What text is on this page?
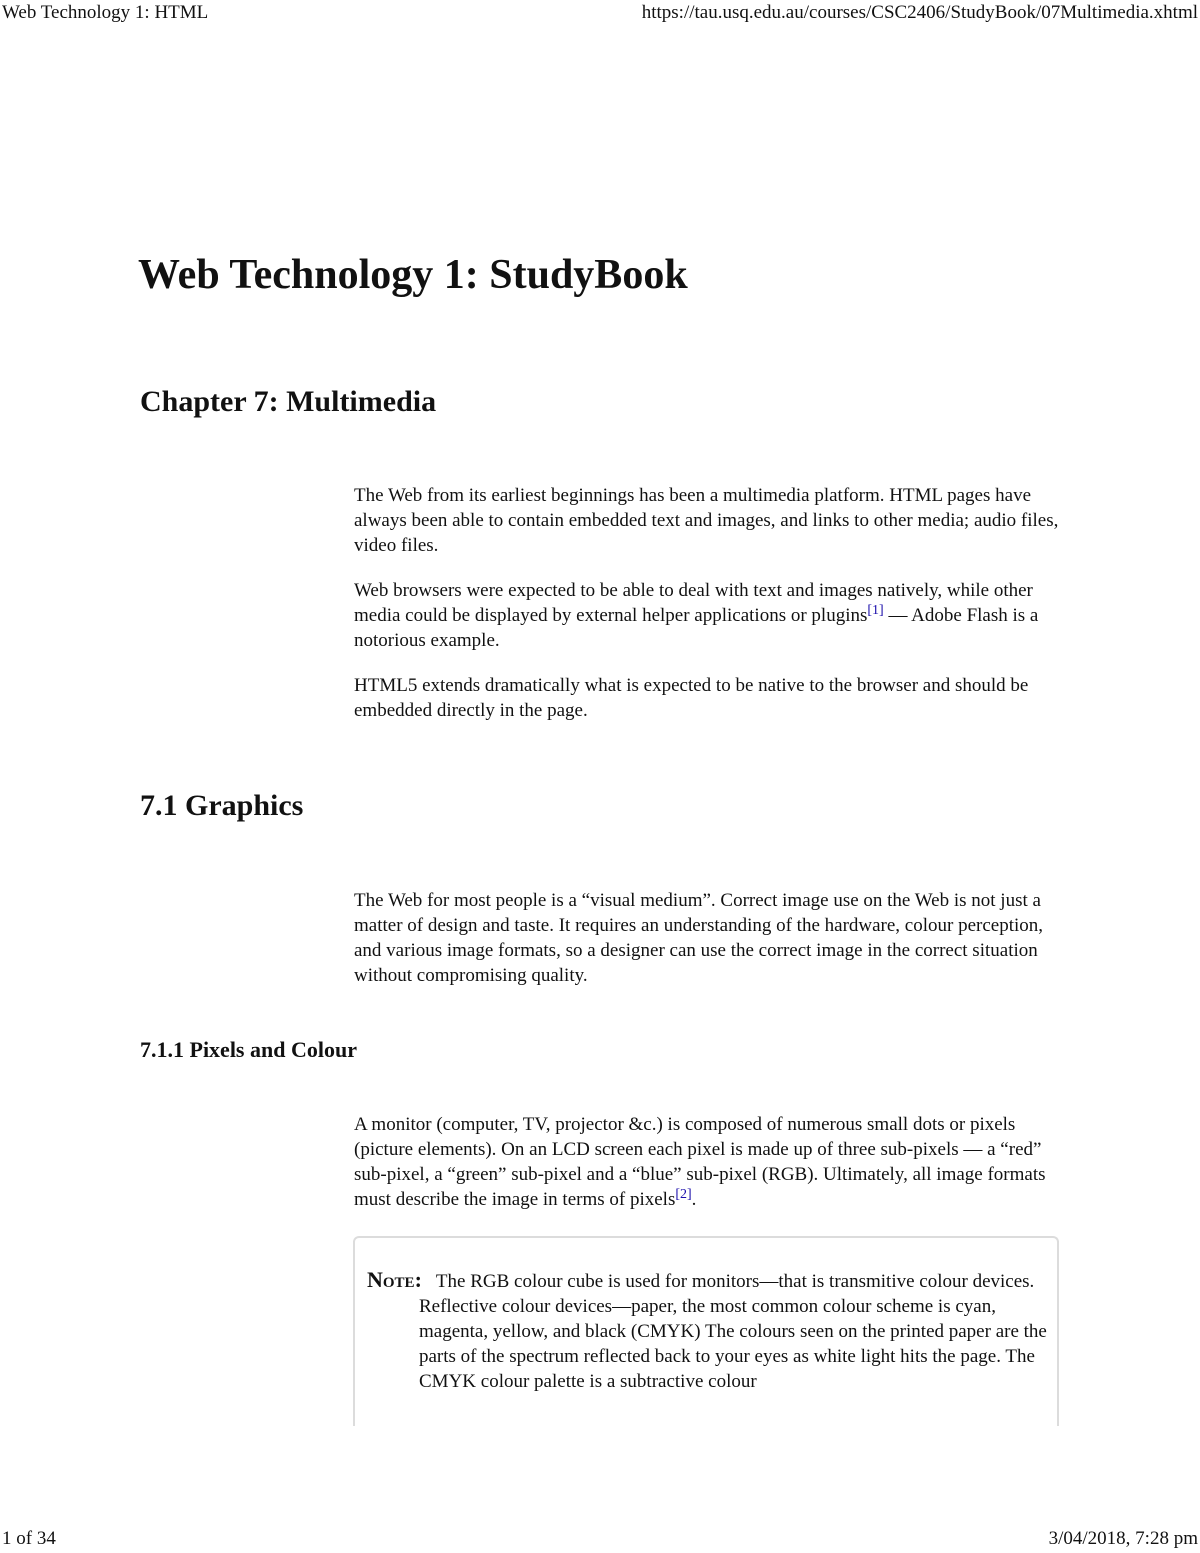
Web Technology 1: HTML	https://tau.usq.edu.au/courses/CSC2406/StudyBook/07Multimedia.xhtml
Web Technology 1: StudyBook
Chapter 7: Multimedia

The Web from its earliest beginnings has been a multimedia platform. HTML pages have always been able to contain embedded text and images, and links to other media; audio files, video files.

Web browsers were expected to be able to deal with text and images natively, while other media could be displayed by external helper applications or plugins[1] — Adobe Flash is a notorious example.

HTML5 extends dramatically what is expected to be native to the browser and should be embedded directly in the page.

7.1 Graphics

The Web for most people is a “visual medium”. Correct image use on the Web is not just a matter of design and taste. It requires an understanding of the hardware, colour perception, and various image formats, so a designer can use the correct image in the correct situation without compromising quality.

7.1.1 Pixels and Colour

A monitor (computer, TV, projector &c.) is composed of numerous small dots or pixels (picture elements). On an LCD screen each pixel is made up of three sub-pixels — a “red” sub-pixel, a “green” sub-pixel and a “blue” sub-pixel (RGB). Ultimately, all image formats must describe the image in terms of pixels[2].

Note: The RGB colour cube is used for monitors—that is transmitive colour devices. Reflective colour devices—paper, the most common colour scheme is cyan, magenta, yellow, and black (CMYK) The colours seen on the printed paper are the parts of the spectrum reflected back to your eyes as white light hits the page. The CMYK colour palette is a subtractive colour

1 of 34	3/04/2018, 7:28 pm
